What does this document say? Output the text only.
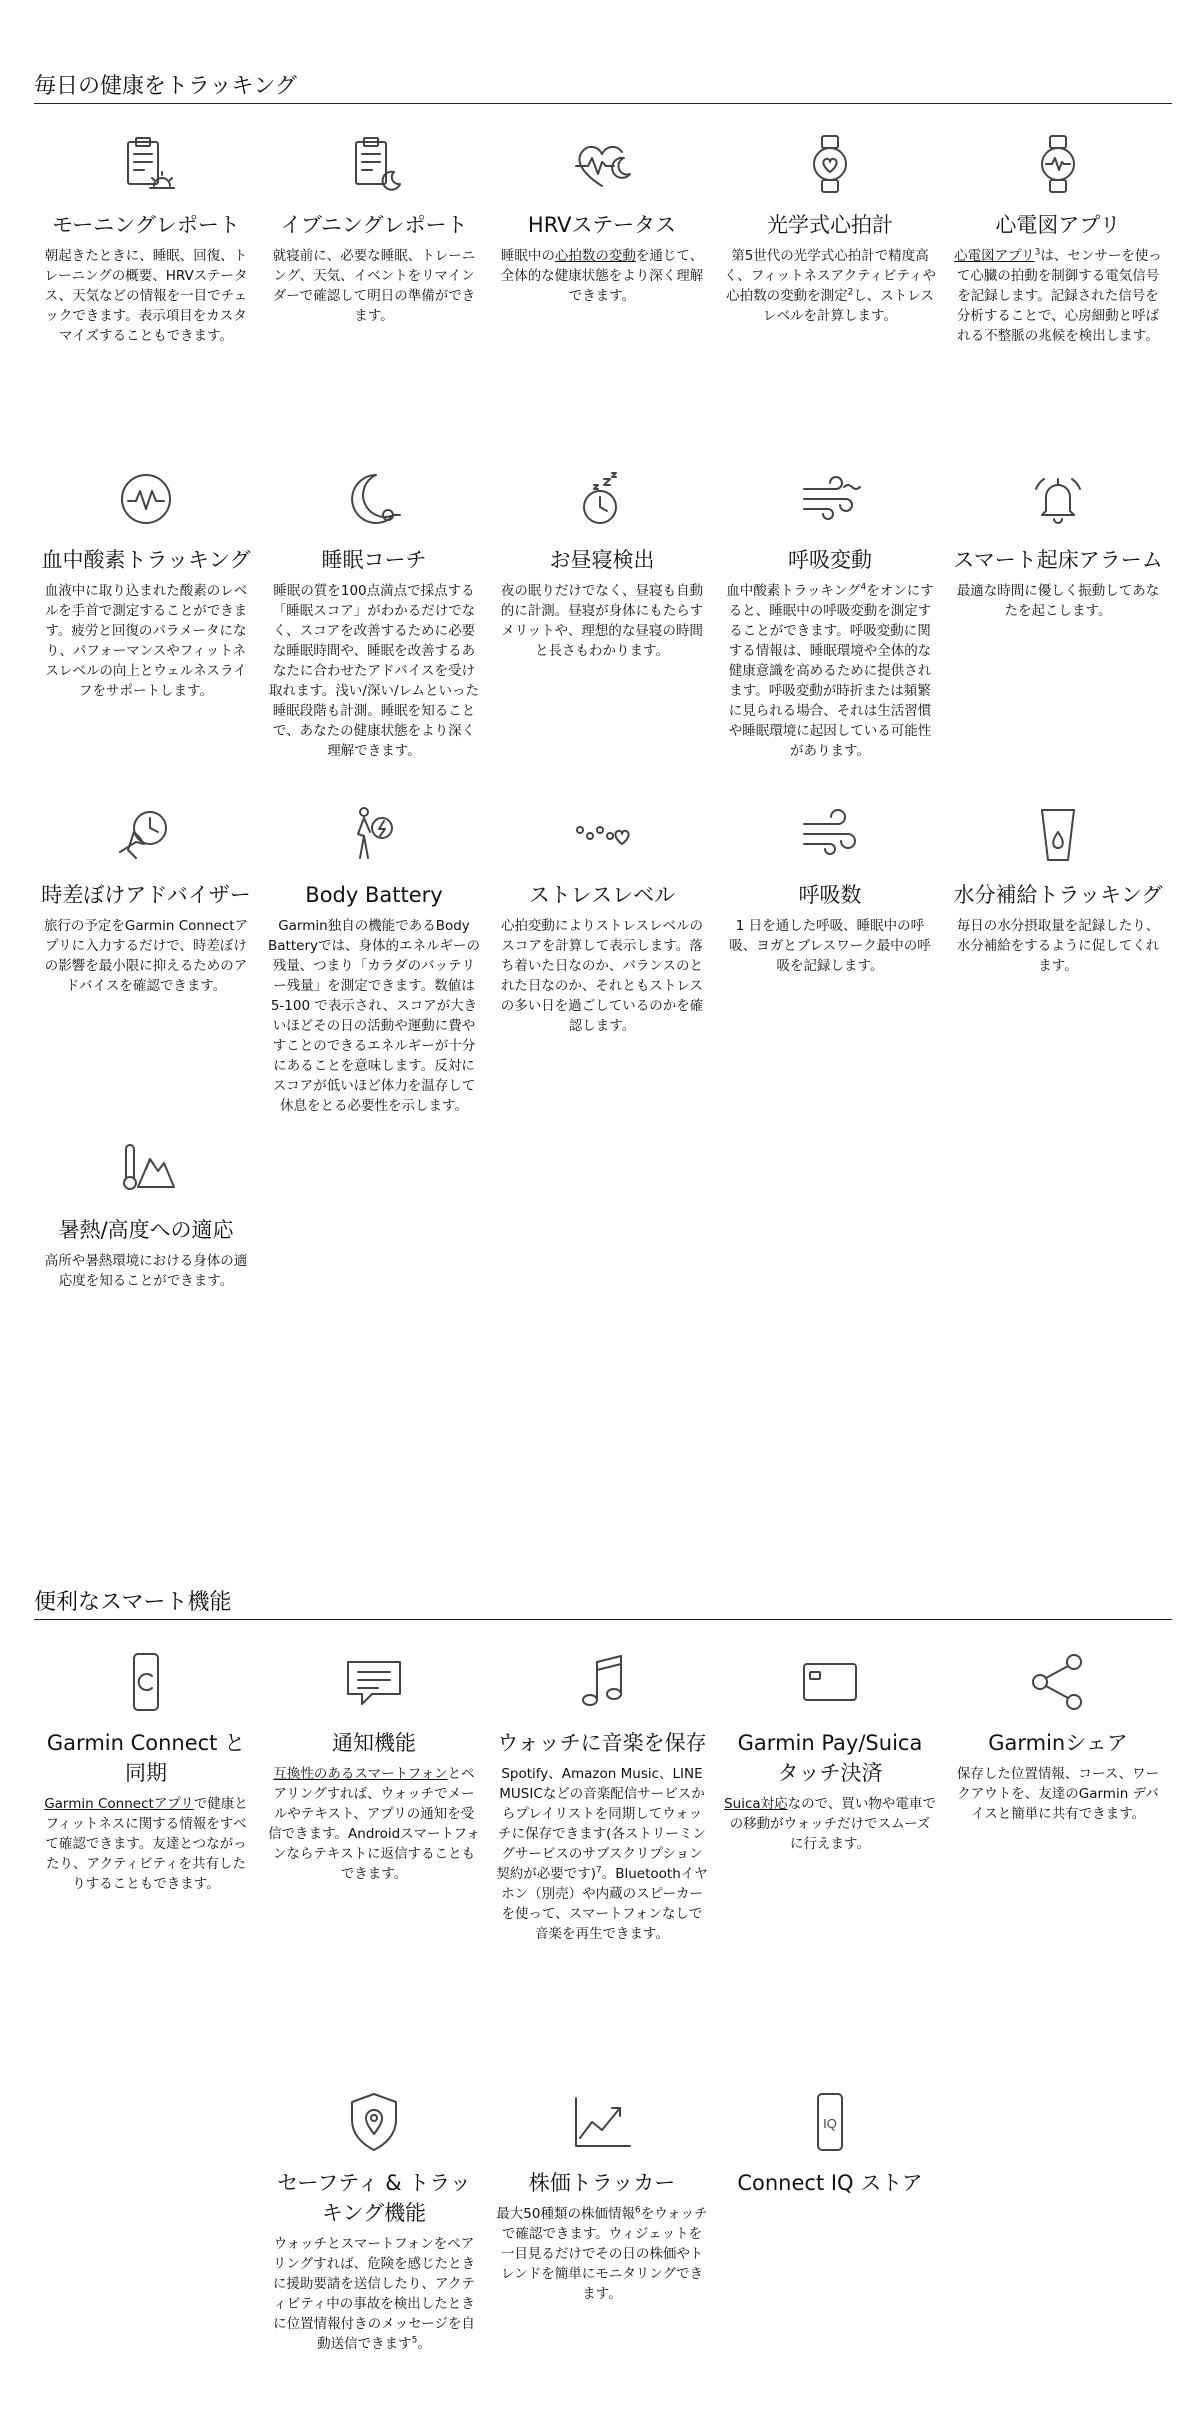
毎日の健康をトラッキング
モーニングレポート

朝起きたときに、睡眠、回復、トレーニングの概要、HRVステータス、天気などの情報を一目でチェックできます。表示項目をカスタマイズすることもできます。

イブニングレポート

就寝前に、必要な睡眠、トレーニング、天気、イベントをリマインダーで確認して明日の準備ができます。

HRVステータス

睡眠中の心拍数の変動を通じて、全体的な健康状態をより深く理解できます。

光学式心拍計

第5世代の光学式心拍計で精度高く、フィットネスアクティビティや心拍数の変動を測定$^2$し、ストレスレベルを計算します。

心電図アプリ

心電図アプリ$^3$は、センサーを使って心臓の拍動を制御する電気信号を記録します。記録された信号を分析することで、心房細動と呼ばれる不整脈の兆候を検出します。

血中酸素トラッキング

血液中に取り込まれた酸素のレベルを手首で測定することができます。疲労と回復のパラメータになり、パフォーマンスやフィットネスレベルの向上とウェルネスライフをサポートします。

睡眠コーチ

睡眠の質を100点満点で採点する「睡眠スコア」がわかるだけでなく、スコアを改善するために必要な睡眠時間や、睡眠を改善するあなたに合わせたアドバイスを受け取れます。浅い/深い/レムといった睡眠段階も計測。睡眠を知ることで、あなたの健康状態をより深く理解できます。

お昼寝検出

夜の眠りだけでなく、昼寝も自動的に計測。昼寝が身体にもたらすメリットや、理想的な昼寝の時間と長さもわかります。

呼吸変動

血中酸素トラッキング$^4$をオンにすると、睡眠中の呼吸変動を測定することができます。呼吸変動に関する情報は、睡眠環境や全体的な健康意識を高めるために提供されます。呼吸変動が時折または頻繁に見られる場合、それは生活習慣や睡眠環境に起因している可能性があります。

スマート起床アラーム

最適な時間に優しく振動してあなたを起こします。

時差ぼけアドバイザー

旅行の予定をGarmin Connectアプリに入力するだけで、時差ぼけの影響を最小限に抑えるためのアドバイスを確認できます。

Body Battery

Garmin独自の機能であるBody Batteryでは、身体的エネルギーの残量、つまり「カラダのバッテリー残量」を測定できます。数値は5-100 で表示され、スコアが大きいほどその日の活動や運動に費やすことのできるエネルギーが十分にあることを意味します。反対にスコアが低いほど体力を温存して休息をとる必要性を示します。

ストレスレベル

心拍変動によりストレスレベルのスコアを計算して表示します。落ち着いた日なのか、バランスのとれた日なのか、それともストレスの多い日を過ごしているのかを確認します。

呼吸数

1 日を通した呼吸、睡眠中の呼吸、ヨガとブレスワーク最中の呼吸を記録します。

水分補給トラッキング

毎日の水分摂取量を記録したり、水分補給をするように促してくれます。

暑熱/高度への適応

高所や暑熱環境における身体の適応度を知ることができます。

便利なスマート機能
Garmin Connect と同期

Garmin Connectアプリで健康とフィットネスに関する情報をすべて確認できます。友達とつながったり、アクティビティを共有したりすることもできます。

通知機能

互換性のあるスマートフォンとペアリングすれば、ウォッチでメールやテキスト、アプリの通知を受信できます。Androidスマートフォンならテキストに返信することもできます。

ウォッチに音楽を保存

Spotify、Amazon Music、LINE MUSICなどの音楽配信サービスからプレイリストを同期してウォッチに保存できます(各ストリーミングサービスのサブスクリプション契約が必要です)$^7$。Bluetoothイヤホン（別売）や内蔵のスピーカーを使って、スマートフォンなしで音楽を再生できます。

Garmin Pay/Suica タッチ決済

Suica対応なので、買い物や電車での移動がウォッチだけでスムーズに行えます。

Garminシェア

保存した位置情報、コース、ワークアウトを、友達のGarmin デバイスと簡単に共有できます。

セーフティ & トラッキング機能

ウォッチとスマートフォンをペアリングすれば、危険を感じたときに援助要請を送信したり、アクティビティ中の事故を検出したときに位置情報付きのメッセージを自動送信できます$^5$。

株価トラッカー

最大50種類の株価情報$^6$をウォッチで確認できます。ウィジェットを一目見るだけでその日の株価やトレンドを簡単にモニタリングできます。

IQ
Connect IQ ストア
